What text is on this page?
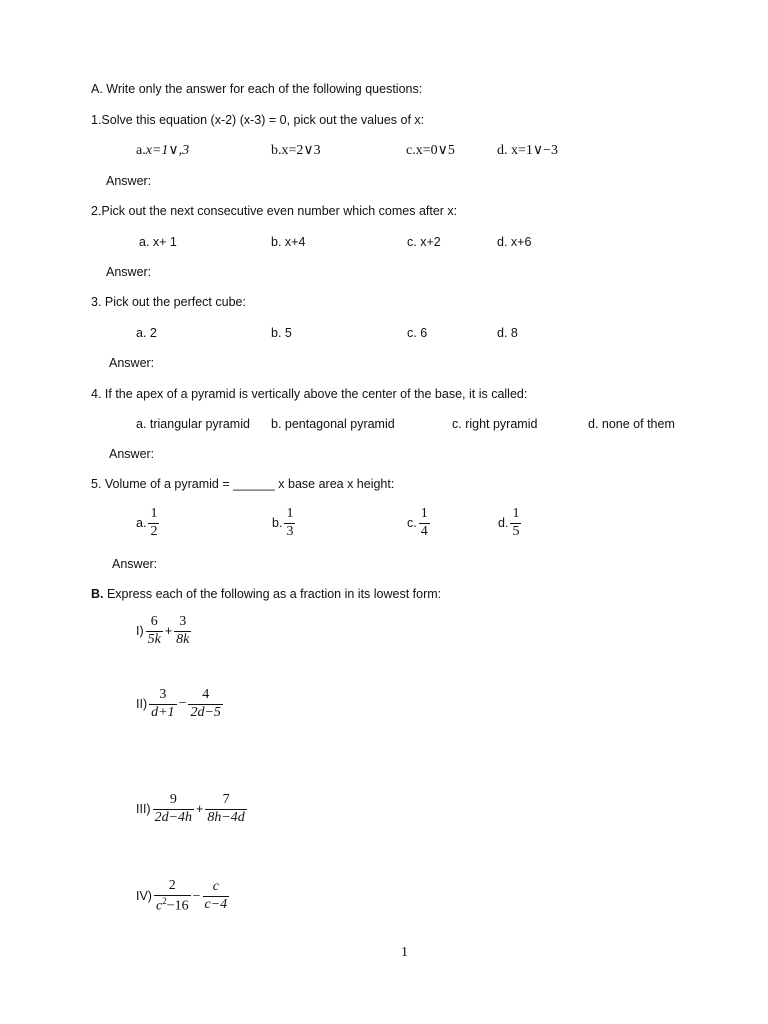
A. Write only the answer for each of the following questions:
1.Solve this equation (x-2) (x-3) = 0, pick out the values of x:
a.x=1∨,3	b.x=2∨3	c.x=0∨5	d. x=1∨−3
Answer:
2.Pick out the next consecutive even number which comes after x:
a. x+ 1	b. x+4	c. x+2	d. x+6
Answer:
3. Pick out the perfect cube:
a. 2	b. 5	c. 6	d. 8
Answer:
4. If the apex of a pyramid is vertically above the center of the base, it is called:
a. triangular pyramid b. pentagonal pyramid	c. right pyramid	d. none of them
Answer:
5. Volume of a pyramid = ______ x base area x height:
a. $\frac{1}{2}$	b. $\frac{1}{3}$	c. $\frac{1}{4}$	d. $\frac{1}{5}$
Answer:
B. Express each of the following as a fraction in its lowest form:
$I) \frac{6}{5k} + \frac{3}{8k}$
$II) \frac{3}{d+1} - \frac{4}{2d-5}$
$III) \frac{9}{2d-4h} + \frac{7}{8h-4d}$
$IV) \frac{2}{c^2-16} - \frac{c}{c-4}$
1
